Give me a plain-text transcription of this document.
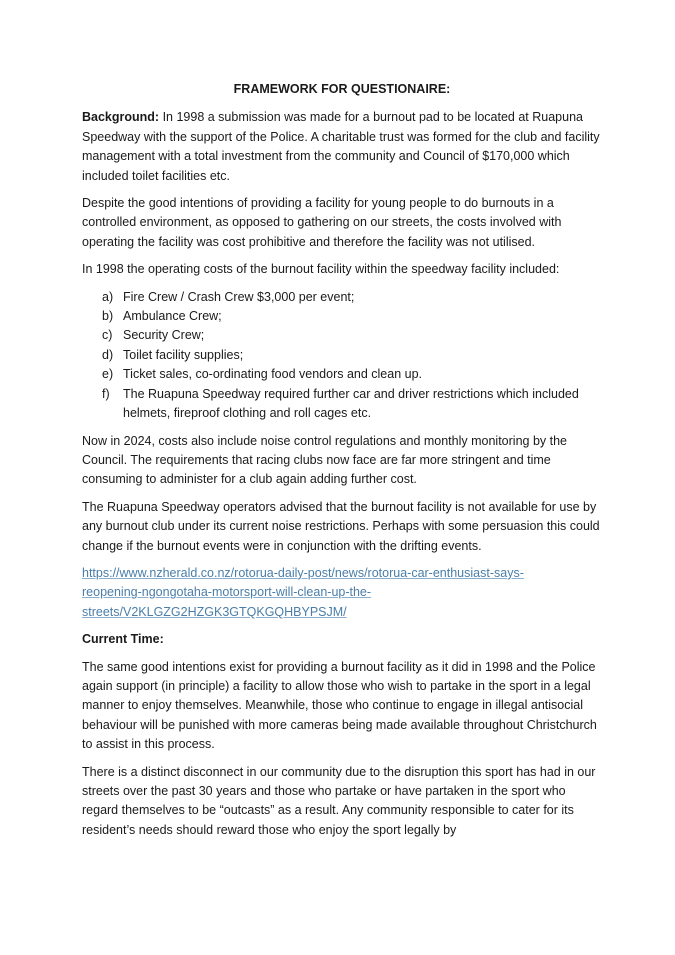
FRAMEWORK FOR QUESTIONAIRE:

Background: In 1998 a submission was made for a burnout pad to be located at Ruapuna Speedway with the support of the Police. A charitable trust was formed for the club and facility management with a total investment from the community and Council of $170,000 which included toilet facilities etc.

Despite the good intentions of providing a facility for young people to do burnouts in a controlled environment, as opposed to gathering on our streets, the costs involved with operating the facility was cost prohibitive and therefore the facility was not utilised.

In 1998 the operating costs of the burnout facility within the speedway facility included:

a) Fire Crew / Crash Crew $3,000 per event;
b) Ambulance Crew;
c) Security Crew;
d) Toilet facility supplies;
e) Ticket sales, co-ordinating food vendors and clean up.
f) The Ruapuna Speedway required further car and driver restrictions which included helmets, fireproof clothing and roll cages etc.

Now in 2024, costs also include noise control regulations and monthly monitoring by the Council. The requirements that racing clubs now face are far more stringent and time consuming to administer for a club again adding further cost.

The Ruapuna Speedway operators advised that the burnout facility is not available for use by any burnout club under its current noise restrictions. Perhaps with some persuasion this could change if the burnout events were in conjunction with the drifting events.

https://www.nzherald.co.nz/rotorua-daily-post/news/rotorua-car-enthusiast-says-
reopening-ngongotaha-motorsport-will-clean-up-the-
streets/V2KLGZG2HZGK3GTQKGQHBYPSJM/

Current Time:

The same good intentions exist for providing a burnout facility as it did in 1998 and the Police again support (in principle) a facility to allow those who wish to partake in the sport in a legal manner to enjoy themselves. Meanwhile, those who continue to engage in illegal antisocial behaviour will be punished with more cameras being made available throughout Christchurch to assist in this process.

There is a distinct disconnect in our community due to the disruption this sport has had in our streets over the past 30 years and those who partake or have partaken in the sport who regard themselves to be “outcasts” as a result. Any community responsible to cater for its resident’s needs should reward those who enjoy the sport legally by
